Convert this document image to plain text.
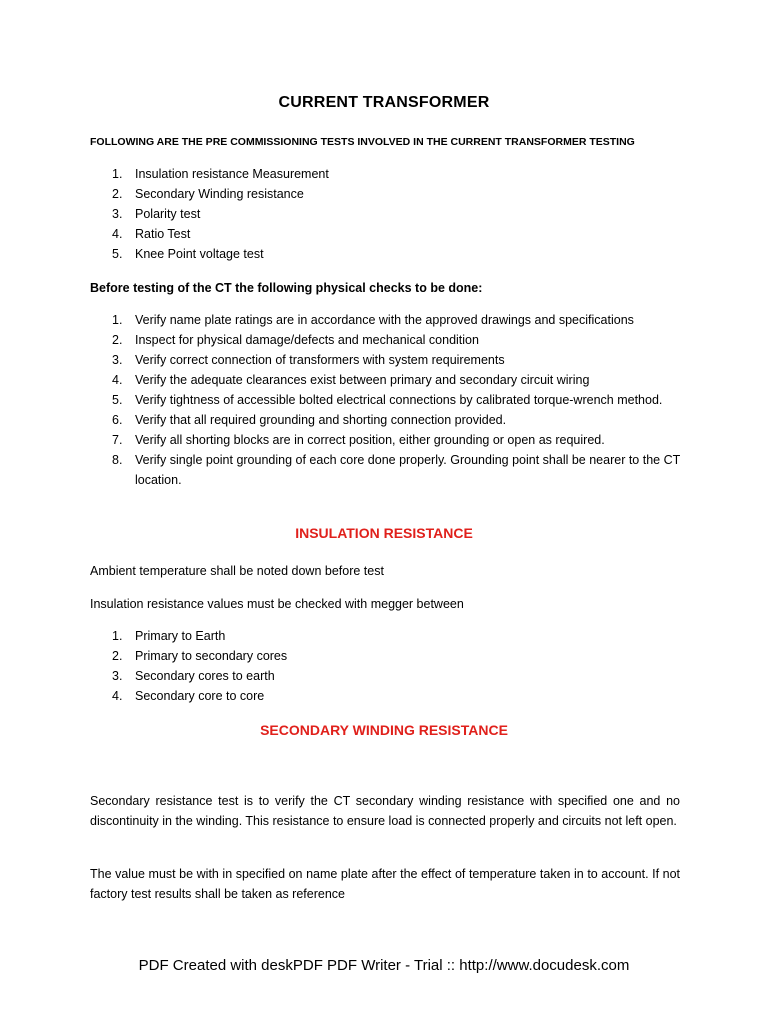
CURRENT TRANSFORMER
FOLLOWING ARE THE PRE COMMISSIONING TESTS INVOLVED IN THE CURRENT TRANSFORMER TESTING
1. Insulation resistance Measurement
2. Secondary Winding resistance
3. Polarity test
4. Ratio Test
5. Knee Point voltage test
Before testing of the CT the following physical checks to be done:
1. Verify name plate ratings are in accordance with the approved drawings and specifications
2. Inspect for physical damage/defects and mechanical condition
3. Verify correct connection of transformers with system requirements
4. Verify the adequate clearances exist between primary and secondary circuit wiring
5. Verify tightness of accessible bolted electrical connections by calibrated torque-wrench method.
6. Verify that all required grounding and shorting connection provided.
7. Verify all shorting blocks are in correct position, either grounding or open as required.
8. Verify single point grounding of each core done properly. Grounding point shall be nearer to the CT location.
INSULATION RESISTANCE
Ambient temperature shall be noted down before test
Insulation resistance values must be checked with megger between
1. Primary to Earth
2. Primary to secondary cores
3. Secondary cores to earth
4. Secondary core to core
SECONDARY WINDING RESISTANCE
Secondary resistance test is to verify the CT secondary winding resistance with specified one and no discontinuity in the winding. This resistance to ensure load is connected properly and circuits not left open.
The value must be with in specified on name plate after the effect of temperature taken in to account. If not factory test results shall be taken as reference
PDF Created with deskPDF PDF Writer - Trial :: http://www.docudesk.com
